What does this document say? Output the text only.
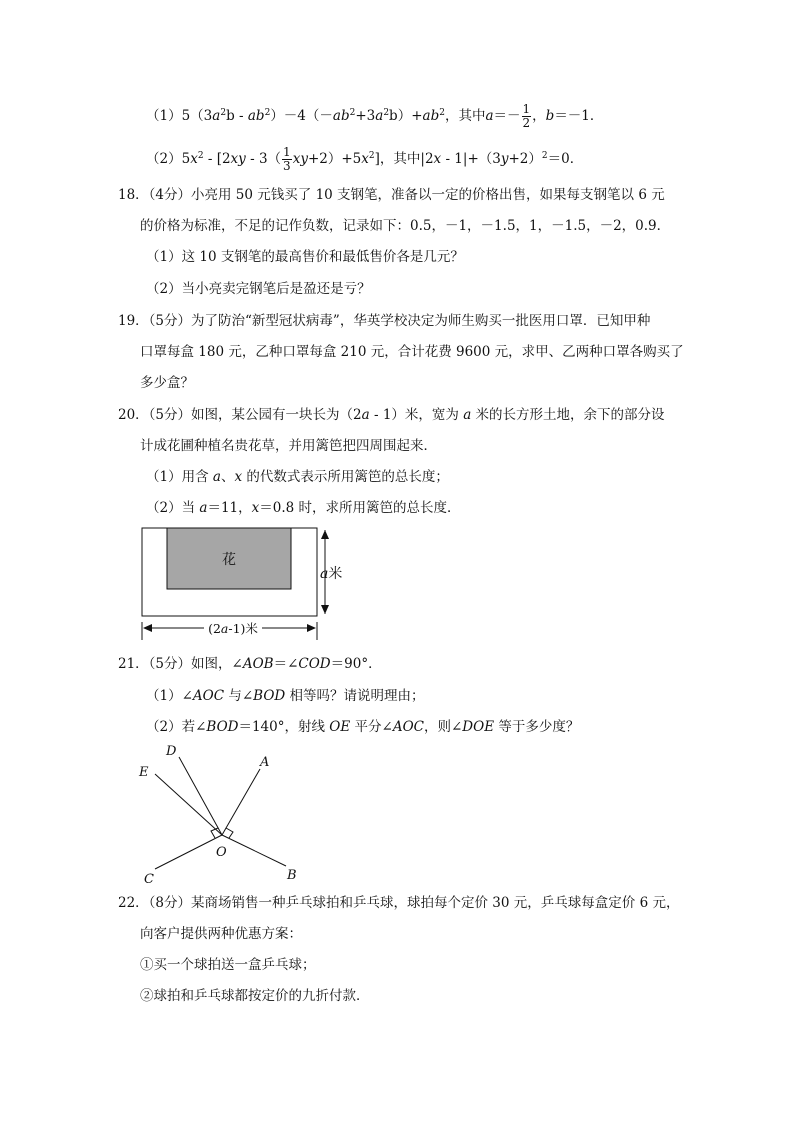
$(1)5(3a^2b - ab^2)-4(-ab^2+3a^2b)+ab^2$，其中$a=- \frac{1}{2}$ ，b＝－1．
$(2)5x^2 - [2xy - 3( \frac{1}{3} xy+2)+5x^2]$，其中$|2x - 1|+(3y+2)^2=0$．
18．（4分）小亮用 50 元钱买了 10 支钢笔，准备以一定的价格出售，如果每支钢笔以 6 元
的价格为标准，不足的记作负数，记录如下：0.5，－1，－1.5，1，－1.5，－2，0.9．
（1）这 10 支钢笔的最高售价和最低售价各是几元？
（2）当小亮卖完钢笔后是盈还是亏？
19．（5分）为了防治“新型冠状病毒”，华英学校决定为师生购买一批医用口罩．已知甲种
口罩每盒 180 元，乙种口罩每盒 210 元，合计花费 9600 元，求甲、乙两种口罩各购买了
多少盒？
20．（5分）如图，某公园有一块长为（2a - 1）米，宽为 a 米的长方形土地，余下的部分设
计成花圃种植名贵花草，并用篱笆把四周围起来．
（1）用含 a、x 的代数式表示所用篱笆的总长度；
（2）当 a＝11，x＝0.8 时，求所用篱笆的总长度．
花
a米
(2a-1)米
21．（5分）如图，∠AOB＝∠COD＝90°．
（1）∠AOC 与∠BOD 相等吗？请说明理由；
（2）若∠BOD＝140°，射线 OE 平分∠AOC，则∠DOE 等于多少度？
D
E
A
O
C	B
22．（8分）某商场销售一种乒乓球拍和乒乓球，球拍每个定价 30 元，乒乓球每盒定价 6 元，
向客户提供两种优惠方案：
①买一个球拍送一盒乒乓球；
②球拍和乒乓球都按定价的九折付款．
